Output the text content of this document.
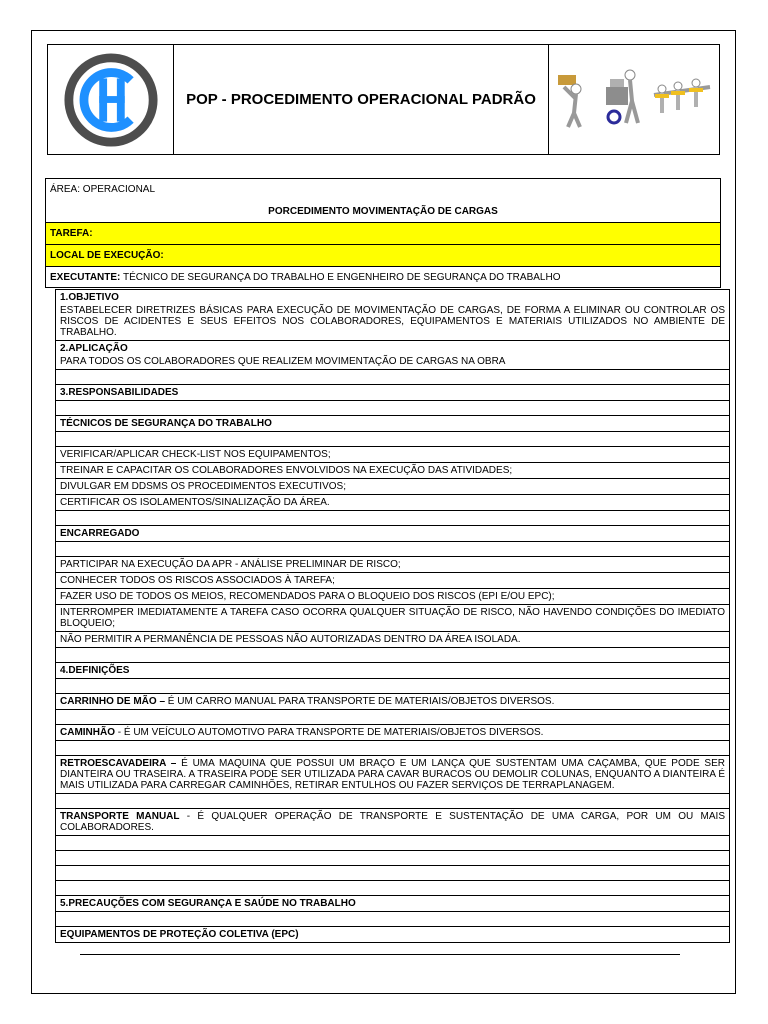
POP - PROCEDIMENTO OPERACIONAL PADRÃO
ÁREA: OPERACIONAL
PORCEDIMENTO MOVIMENTAÇÃO DE CARGAS
TAREFA:
LOCAL DE EXECUÇÃO:
EXECUTANTE: TÉCNICO DE SEGURANÇA DO TRABALHO E ENGENHEIRO DE SEGURANÇA DO TRABALHO
1.OBJETIVO
ESTABELECER DIRETRIZES BÁSICAS PARA EXECUÇÃO DE MOVIMENTAÇÃO DE CARGAS, DE FORMA A ELIMINAR OU CONTROLAR OS RISCOS DE ACIDENTES E SEUS EFEITOS NOS COLABORADORES, EQUIPAMENTOS E MATERIAIS UTILIZADOS NO AMBIENTE DE TRABALHO.
2.APLICAÇÃO
PARA TODOS OS COLABORADORES QUE REALIZEM MOVIMENTAÇÃO DE CARGAS NA OBRA
3.RESPONSABILIDADES
TÉCNICOS DE SEGURANÇA DO TRABALHO
VERIFICAR/APLICAR CHECK-LIST NOS EQUIPAMENTOS;
TREINAR E CAPACITAR OS COLABORADORES ENVOLVIDOS NA EXECUÇÃO DAS ATIVIDADES;
DIVULGAR EM DDSMS OS PROCEDIMENTOS EXECUTIVOS;
CERTIFICAR OS ISOLAMENTOS/SINALIZAÇÃO DA ÁREA.
ENCARREGADO
PARTICIPAR NA EXECUÇÃO DA APR - ANÁLISE PRELIMINAR DE RISCO;
CONHECER TODOS OS RISCOS ASSOCIADOS À TAREFA;
FAZER USO DE TODOS OS MEIOS, RECOMENDADOS PARA O BLOQUEIO DOS RISCOS (EPI E/OU EPC);
INTERROMPER IMEDIATAMENTE A TAREFA CASO OCORRA QUALQUER SITUAÇÃO DE RISCO, NÃO HAVENDO CONDIÇÕES DO IMEDIATO BLOQUEIO;
NÃO PERMITIR A PERMANÊNCIA DE PESSOAS NÃO AUTORIZADAS DENTRO DA ÁREA ISOLADA.
4.DEFINIÇÕES
CARRINHO DE MÃO – É UM CARRO MANUAL PARA TRANSPORTE DE MATERIAIS/OBJETOS DIVERSOS.
CAMINHÃO - É UM VEÍCULO AUTOMOTIVO PARA TRANSPORTE DE MATERIAIS/OBJETOS DIVERSOS.
RETROESCAVADEIRA – É UMA MAQUINA QUE POSSUI UM BRAÇO E UM LANÇA QUE SUSTENTAM UMA CAÇAMBA, QUE PODE SER DIANTEIRA OU TRASEIRA. A TRASEIRA PODE SER UTILIZADA PARA CAVAR BURACOS OU DEMOLIR COLUNAS, ENQUANTO A DIANTEIRA É MAIS UTILIZADA PARA CARREGAR CAMINHÕES, RETIRAR ENTULHOS OU FAZER SERVIÇOS DE TERRAPLANAGEM.
TRANSPORTE MANUAL - É QUALQUER OPERAÇÃO DE TRANSPORTE E SUSTENTAÇÃO DE UMA CARGA, POR UM OU MAIS COLABORADORES.
5.PRECAUÇÕES COM SEGURANÇA E SAÚDE NO TRABALHO
EQUIPAMENTOS DE PROTEÇÃO COLETIVA (EPC)
